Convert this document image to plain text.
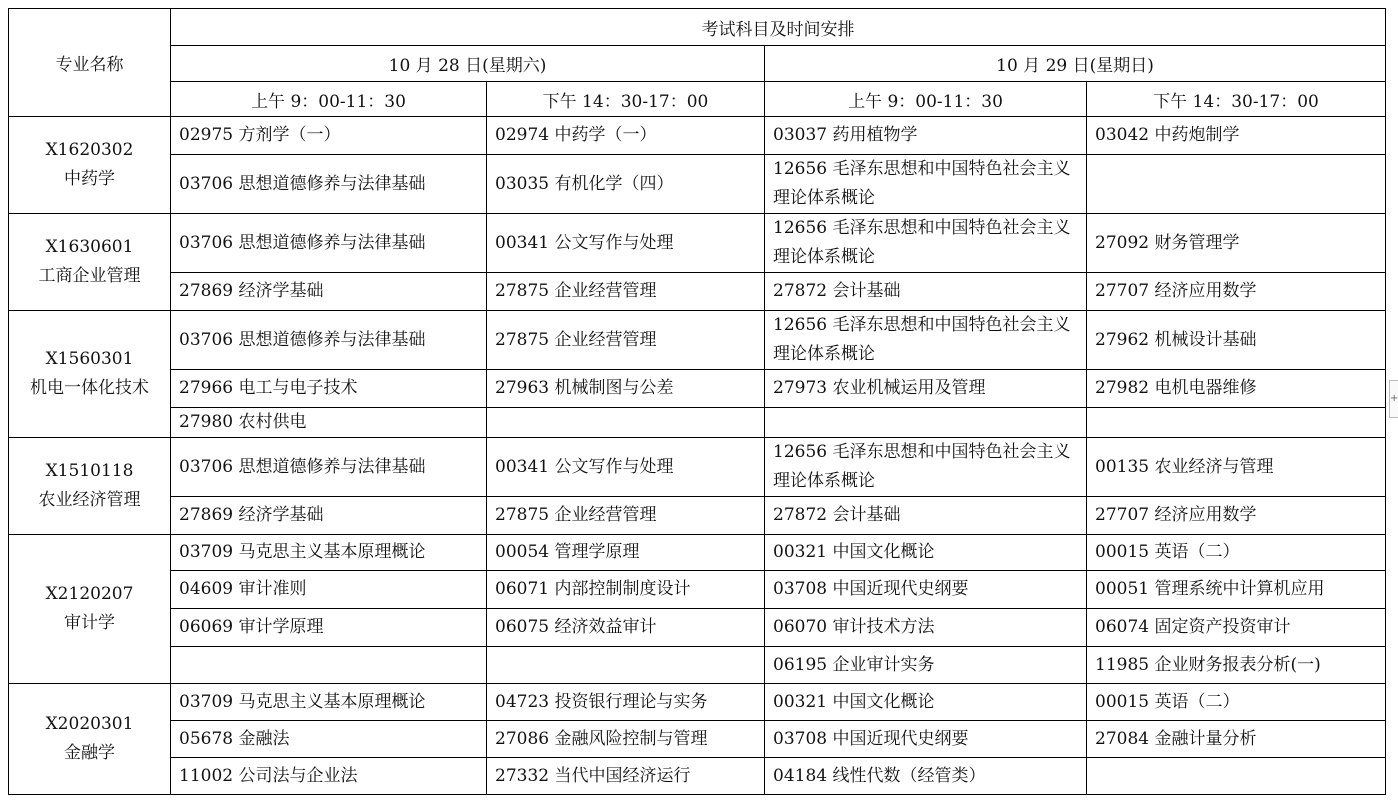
专业名称	考试科目及时间安排			
	10 月 28 日(星期六)		10 月 29 日(星期日)	
	上午 9：00-11：30	下午 14：30-17：00	上午 9：00-11：30	下午 14：30-17：00

X1620302
中药学	02975 方剂学（一）	02974 中药学（一）	03037 药用植物学	03042 中药炮制学
	03706 思想道德修养与法律基础	03035 有机化学（四）	12656 毛泽东思想和中国特色社会主义理论体系概论	

X1630601
工商企业管理	03706 思想道德修养与法律基础	00341 公文写作与处理	12656 毛泽东思想和中国特色社会主义理论体系概论	27092 财务管理学
	27869 经济学基础	27875 企业经营管理	27872 会计基础	27707 经济应用数学

X1560301
机电一体化技术	03706 思想道德修养与法律基础	27875 企业经营管理	12656 毛泽东思想和中国特色社会主义理论体系概论	27962 机械设计基础
	27966 电工与电子技术	27963 机械制图与公差	27973 农业机械运用及管理	27982 电机电器维修
	27980 农村供电			

X1510118
农业经济管理	03706 思想道德修养与法律基础	00341 公文写作与处理	12656 毛泽东思想和中国特色社会主义理论体系概论	00135 农业经济与管理
	27869 经济学基础	27875 企业经营管理	27872 会计基础	27707 经济应用数学

X2120207
审计学	03709 马克思主义基本原理概论	00054 管理学原理	00321 中国文化概论	00015 英语（二）
	04609 审计准则	06071 内部控制制度设计	03708 中国近现代史纲要	00051 管理系统中计算机应用
	06069 审计学原理	06075 经济效益审计	06070 审计技术方法	06074 固定资产投资审计
			06195 企业审计实务	11985 企业财务报表分析(一)

X2020301
金融学	03709 马克思主义基本原理概论	04723 投资银行理论与实务	00321 中国文化概论	00015 英语（二）
	05678 金融法	27086 金融风险控制与管理	03708 中国近现代史纲要	27084 金融计量分析
	11002 公司法与企业法	27332 当代中国经济运行	04184 线性代数（经管类）	
+
